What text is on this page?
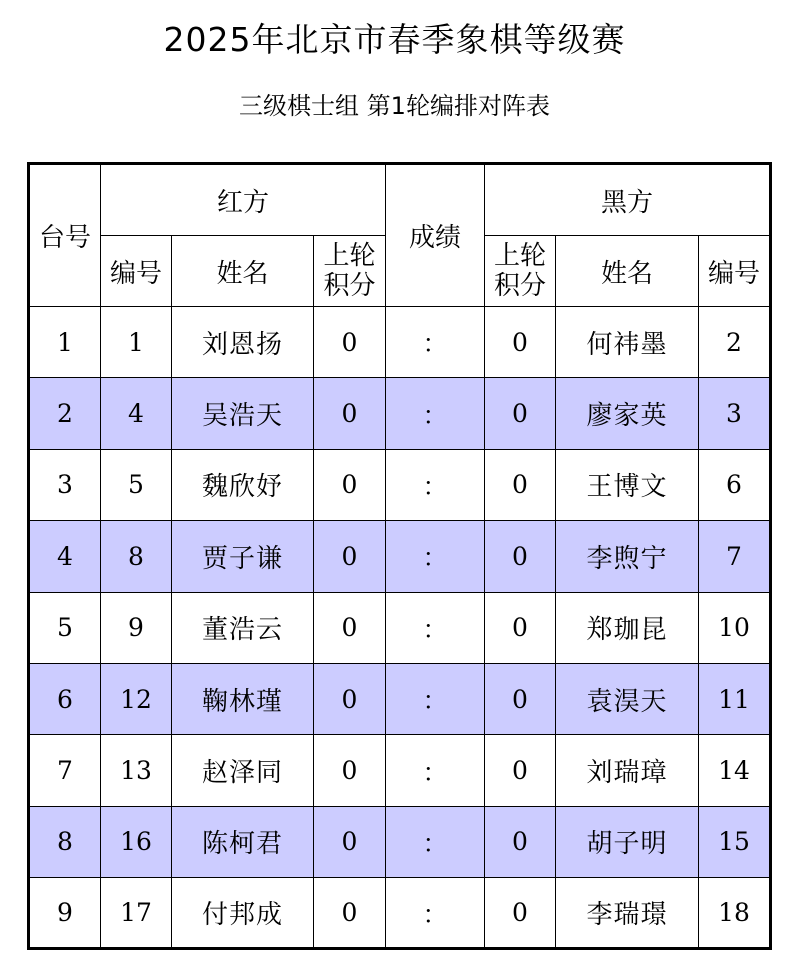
2025年北京市春季象棋等级赛
三级棋士组 第1轮编排对阵表
台号	红方			成绩	黑方		
	编号	姓名	上轮积分		上轮积分	姓名	编号
1	1	刘恩扬	0	：	0	何祎墨	2
2	4	吴浩天	0	：	0	廖家英	3
3	5	魏欣妤	0	：	0	王博文	6
4	8	贾子谦	0	：	0	李煦宁	7
5	9	董浩云	0	：	0	郑珈昆	10
6	12	鞠林瑾	0	：	0	袁淏天	11
7	13	赵泽同	0	：	0	刘瑞璋	14
8	16	陈柯君	0	：	0	胡子明	15
9	17	付邦成	0	：	0	李瑞璟	18
